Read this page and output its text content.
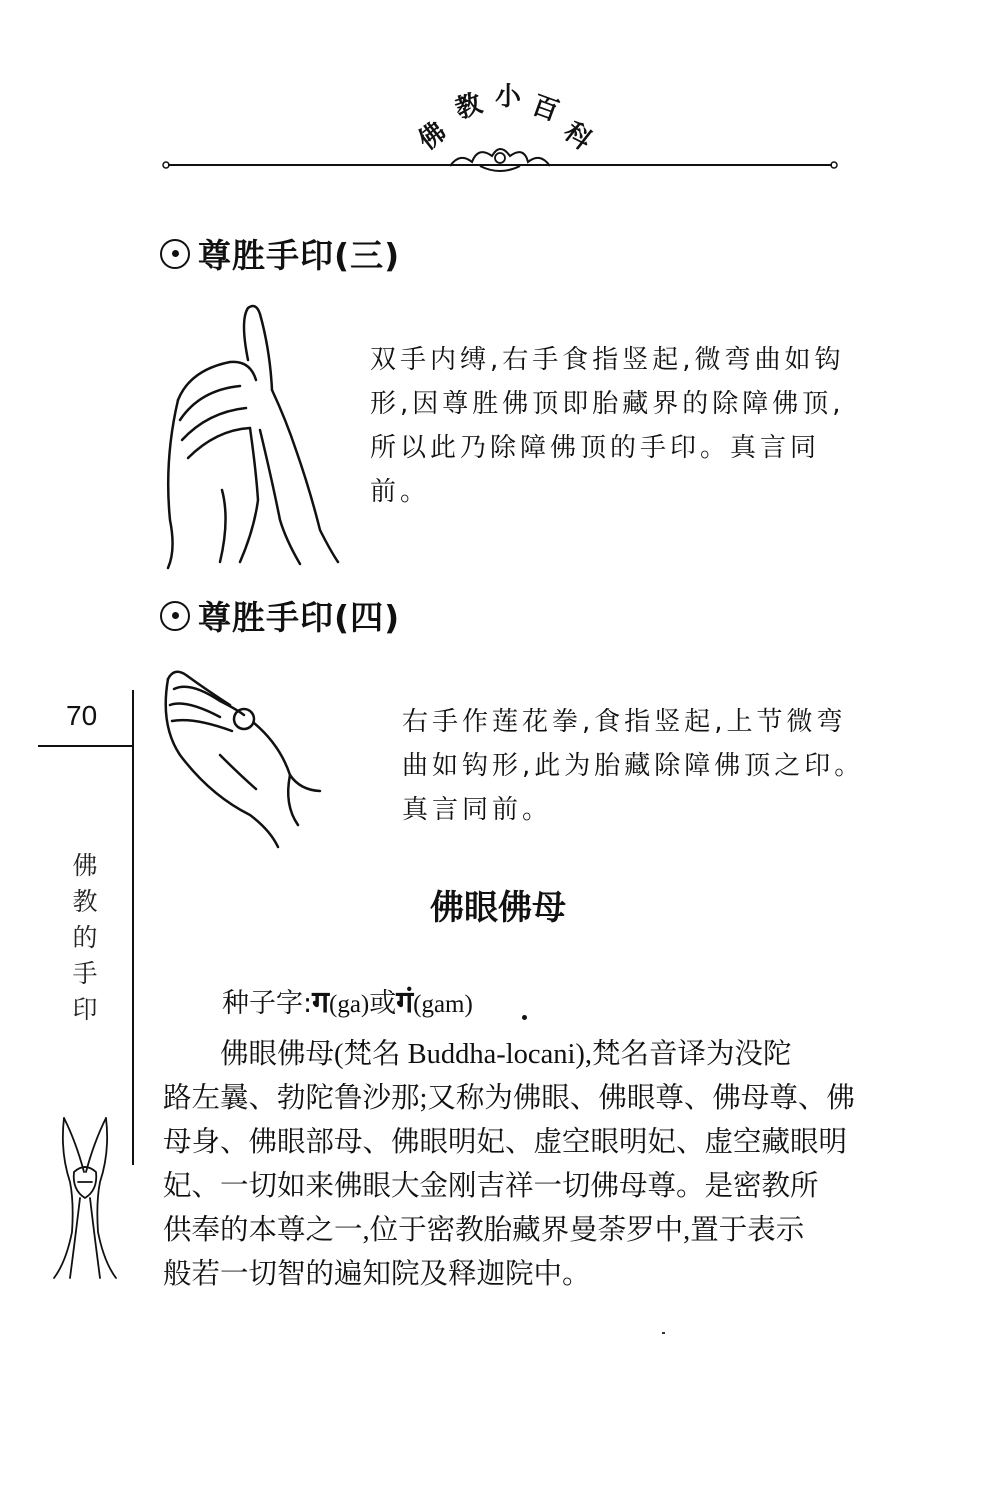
佛
教 小 百
科
尊胜手印(三)
双手内缚,右手食指竖起,微弯曲如钩
形,因尊胜佛顶即胎藏界的除障佛顶,
所以此乃除障佛顶的手印。真言同
前。
尊胜手印(四)
右手作莲花拳,食指竖起,上节微弯
曲如钩形,此为胎藏除障佛顶之印。
真言同前。
佛眼佛母
种子字:ग(ga)或गं(gam)
　　佛眼佛母(梵名 Buddha-locani),梵名音译为没陀
路左曩、勃陀鲁沙那;又称为佛眼、佛眼尊、佛母尊、佛
母身、佛眼部母、佛眼明妃、虚空眼明妃、虚空藏眼明
妃、一切如来佛眼大金刚吉祥一切佛母尊。是密教所
供奉的本尊之一,位于密教胎藏界曼荼罗中,置于表示
般若一切智的遍知院及释迦院中。
70
佛
教
的
手
印
